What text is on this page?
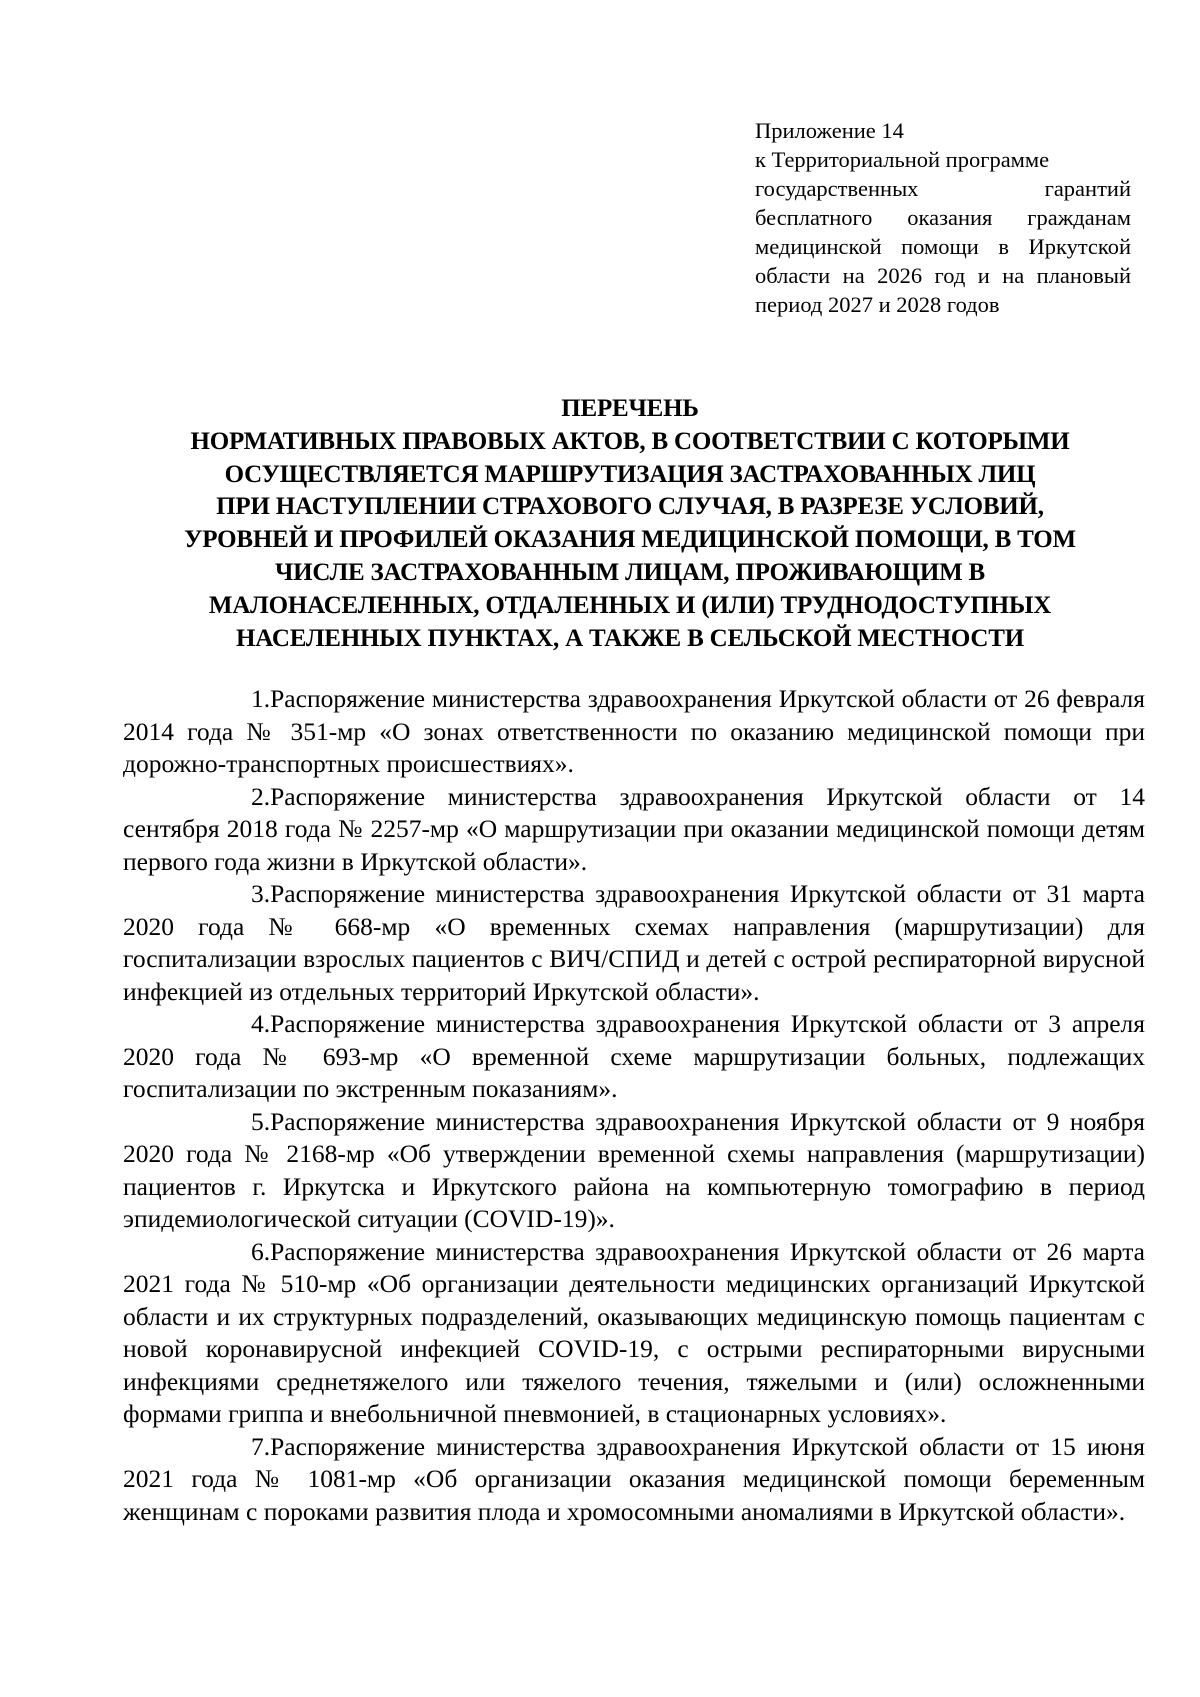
Приложение 14
к Территориальной программе
государственных гарантий
бесплатного оказания гражданам
медицинской помощи в Иркутской
области на 2026 год и на плановый
период 2027 и 2028 годов
ПЕРЕЧЕНЬ
НОРМАТИВНЫХ ПРАВОВЫХ АКТОВ, В СООТВЕТСТВИИ С КОТОРЫМИ
ОСУЩЕСТВЛЯЕТСЯ МАРШРУТИЗАЦИЯ ЗАСТРАХОВАННЫХ ЛИЦ
ПРИ НАСТУПЛЕНИИ СТРАХОВОГО СЛУЧАЯ, В РАЗРЕЗЕ УСЛОВИЙ,
УРОВНЕЙ И ПРОФИЛЕЙ ОКАЗАНИЯ МЕДИЦИНСКОЙ ПОМОЩИ, В ТОМ
ЧИСЛЕ ЗАСТРАХОВАННЫМ ЛИЦАМ, ПРОЖИВАЮЩИМ В
МАЛОНАСЕЛЕННЫХ, ОТДАЛЕННЫХ И (ИЛИ) ТРУДНОДОСТУПНЫХ
НАСЕЛЕННЫХ ПУНКТАХ, А ТАКЖЕ В СЕЛЬСКОЙ МЕСТНОСТИ

1.Распоряжение министерства здравоохранения Иркутской области от 26 февраля 2014 года № 351-мр «О зонах ответственности по оказанию медицинской помощи при дорожно-транспортных происшествиях».

2.Распоряжение министерства здравоохранения Иркутской области от 14 сентября 2018 года № 2257-мр «О маршрутизации при оказании медицинской помощи детям первого года жизни в Иркутской области».

3.Распоряжение министерства здравоохранения Иркутской области от 31 марта 2020 года № 668-мр «О временных схемах направления (маршрутизации) для госпитализации взрослых пациентов с ВИЧ/СПИД и детей с острой респираторной вирусной инфекцией из отдельных территорий Иркутской области».

4.Распоряжение министерства здравоохранения Иркутской области от 3 апреля 2020 года № 693-мр «О временной схеме маршрутизации больных, подлежащих госпитализации по экстренным показаниям».

5.Распоряжение министерства здравоохранения Иркутской области от 9 ноября 2020 года № 2168-мр «Об утверждении временной схемы направления (маршрутизации) пациентов г. Иркутска и Иркутского района на компьютерную томографию в период эпидемиологической ситуации (COVID-19)».

6.Распоряжение министерства здравоохранения Иркутской области от 26 марта 2021 года № 510-мр «Об организации деятельности медицинских организаций Иркутской области и их структурных подразделений, оказывающих медицинскую помощь пациентам с новой коронавирусной инфекцией COVID-19, с острыми респираторными вирусными инфекциями среднетяжелого или тяжелого течения, тяжелыми и (или) осложненными формами гриппа и внебольничной пневмонией, в стационарных условиях».

7.Распоряжение министерства здравоохранения Иркутской области от 15 июня 2021 года № 1081-мр «Об организации оказания медицинской помощи беременным женщинам с пороками развития плода и хромосомными аномалиями в Иркутской области».
